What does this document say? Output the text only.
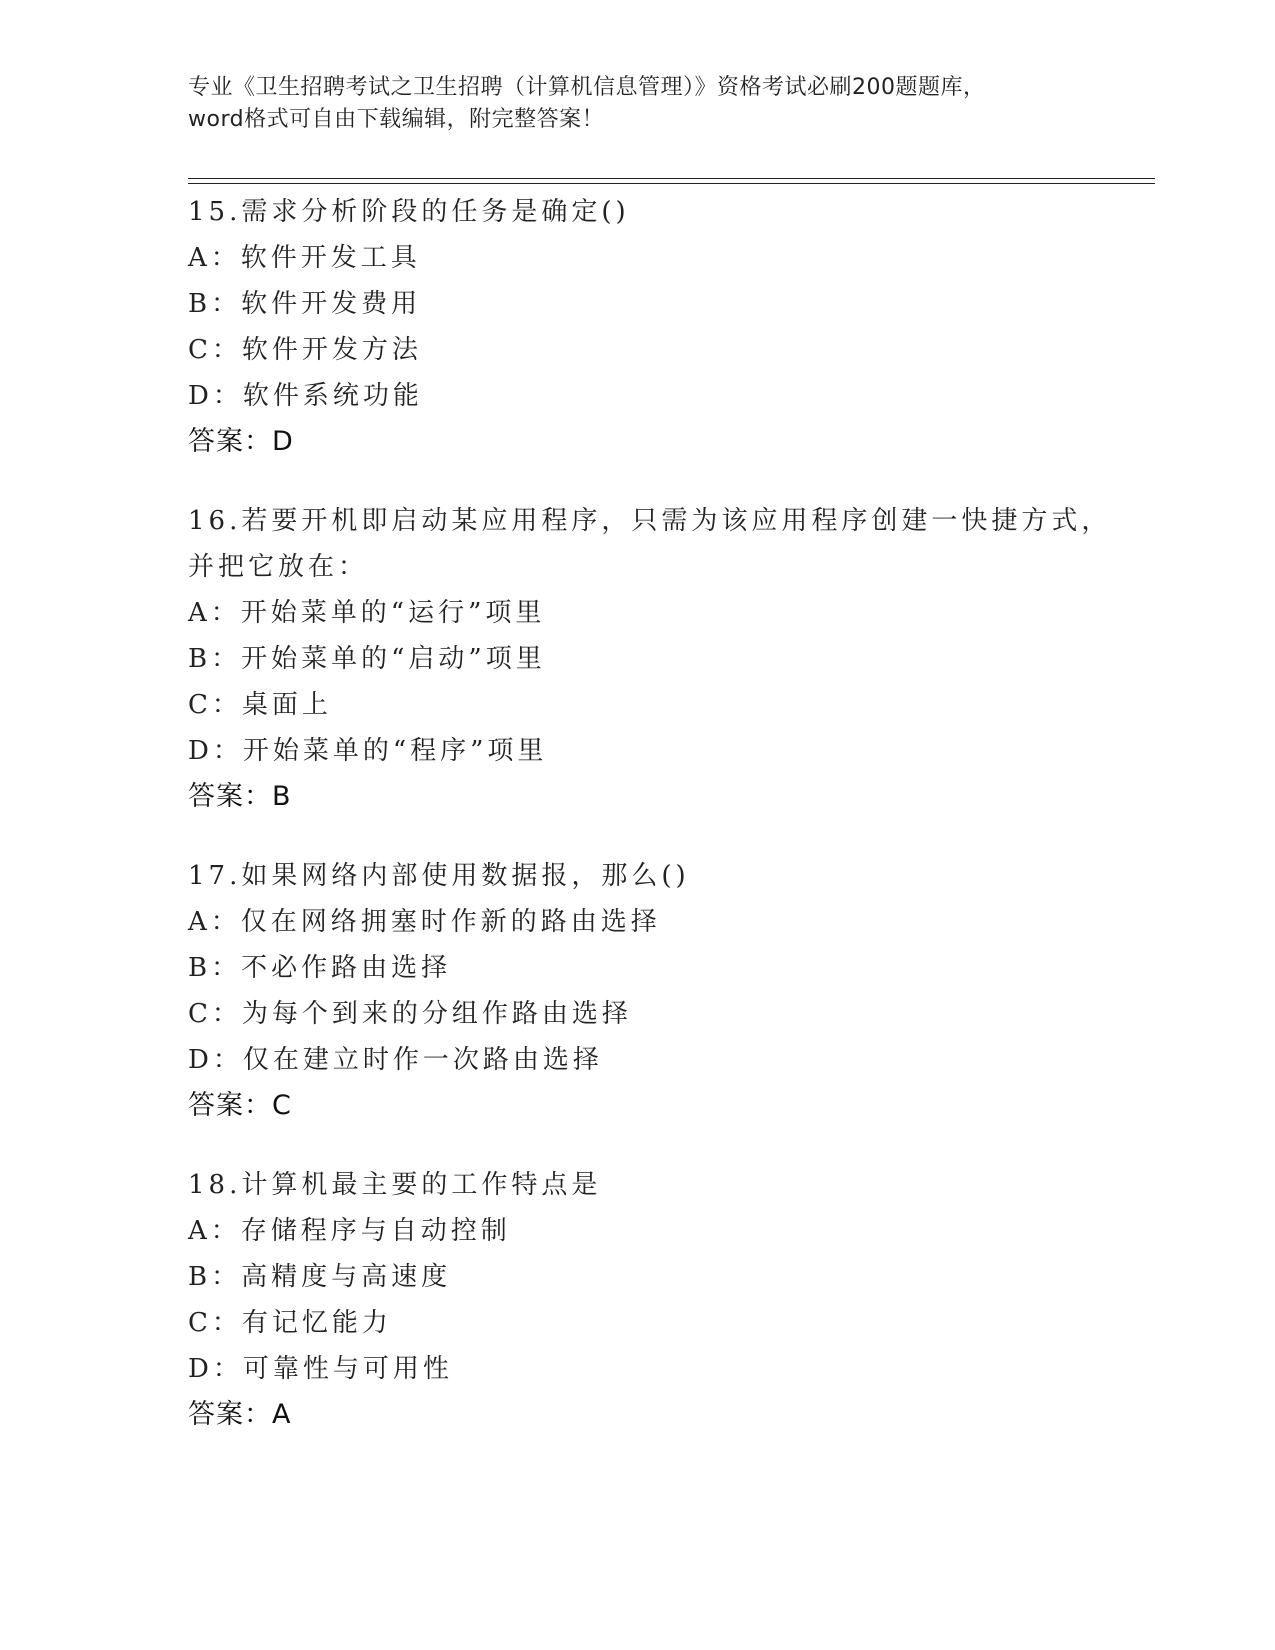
专业《卫生招聘考试之卫生招聘（计算机信息管理）》资格考试必刷200题题库，
word格式可自由下载编辑，附完整答案！
15.需求分析阶段的任务是确定()
A：软件开发工具
B：软件开发费用
C：软件开发方法
D：软件系统功能
答案：D
16.若要开机即启动某应用程序，只需为该应用程序创建一快捷方式，
并把它放在：
A：开始菜单的“运行”项里
B：开始菜单的“启动”项里
C：桌面上
D：开始菜单的“程序”项里
答案：B
17.如果网络内部使用数据报，那么()
A：仅在网络拥塞时作新的路由选择
B：不必作路由选择
C：为每个到来的分组作路由选择
D：仅在建立时作一次路由选择
答案：C
18.计算机最主要的工作特点是
A：存储程序与自动控制
B：高精度与高速度
C：有记忆能力
D：可靠性与可用性
答案：A
